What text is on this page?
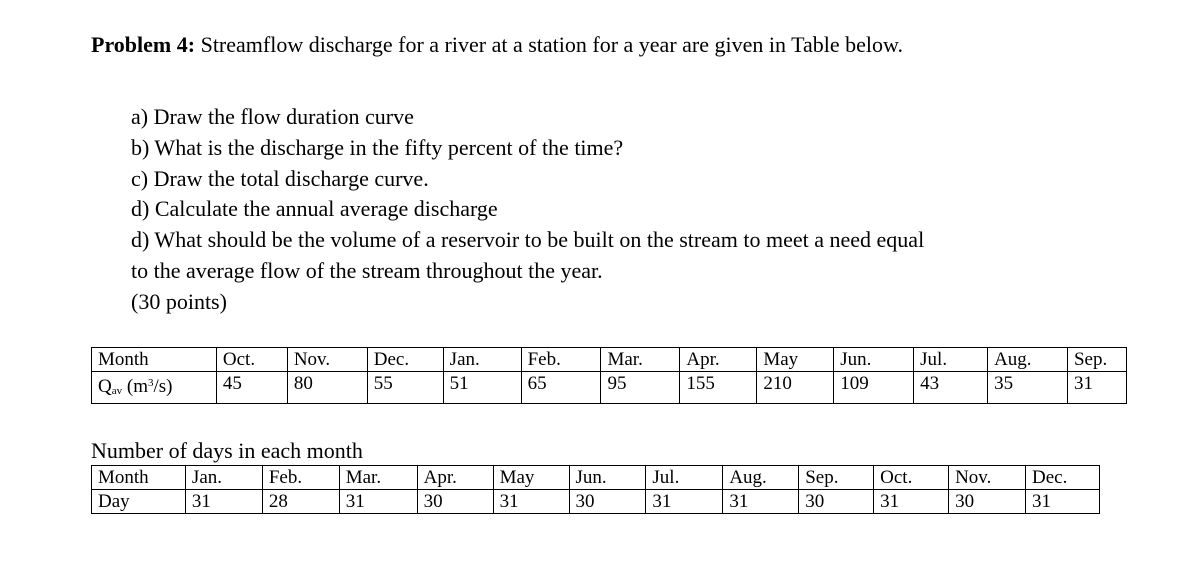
Problem 4: Streamflow discharge for a river at a station for a year are given in Table below.
a) Draw the flow duration curve
b) What is the discharge in the fifty percent of the time?
c) Draw the total discharge curve.
d) Calculate the annual average discharge
d) What should be the volume of a reservoir to be built on the stream to meet a need equal
to the average flow of the stream throughout the year.
(30 points)
Month	Oct.	Nov.	Dec.	Jan.	Feb.	Mar.	Apr.	May	Jun.	Jul.	Aug.	Sep.
$Q_{av}$ $(m^3/s)$	45	80	55	51	65	95	155	210	109	43	35	31
Number of days in each month
Month	Jan.	Feb.	Mar.	Apr.	May	Jun.	Jul.	Aug.	Sep.	Oct.	Nov.	Dec.
Day	31	28	31	30	31	30	31	31	30	31	30	31
